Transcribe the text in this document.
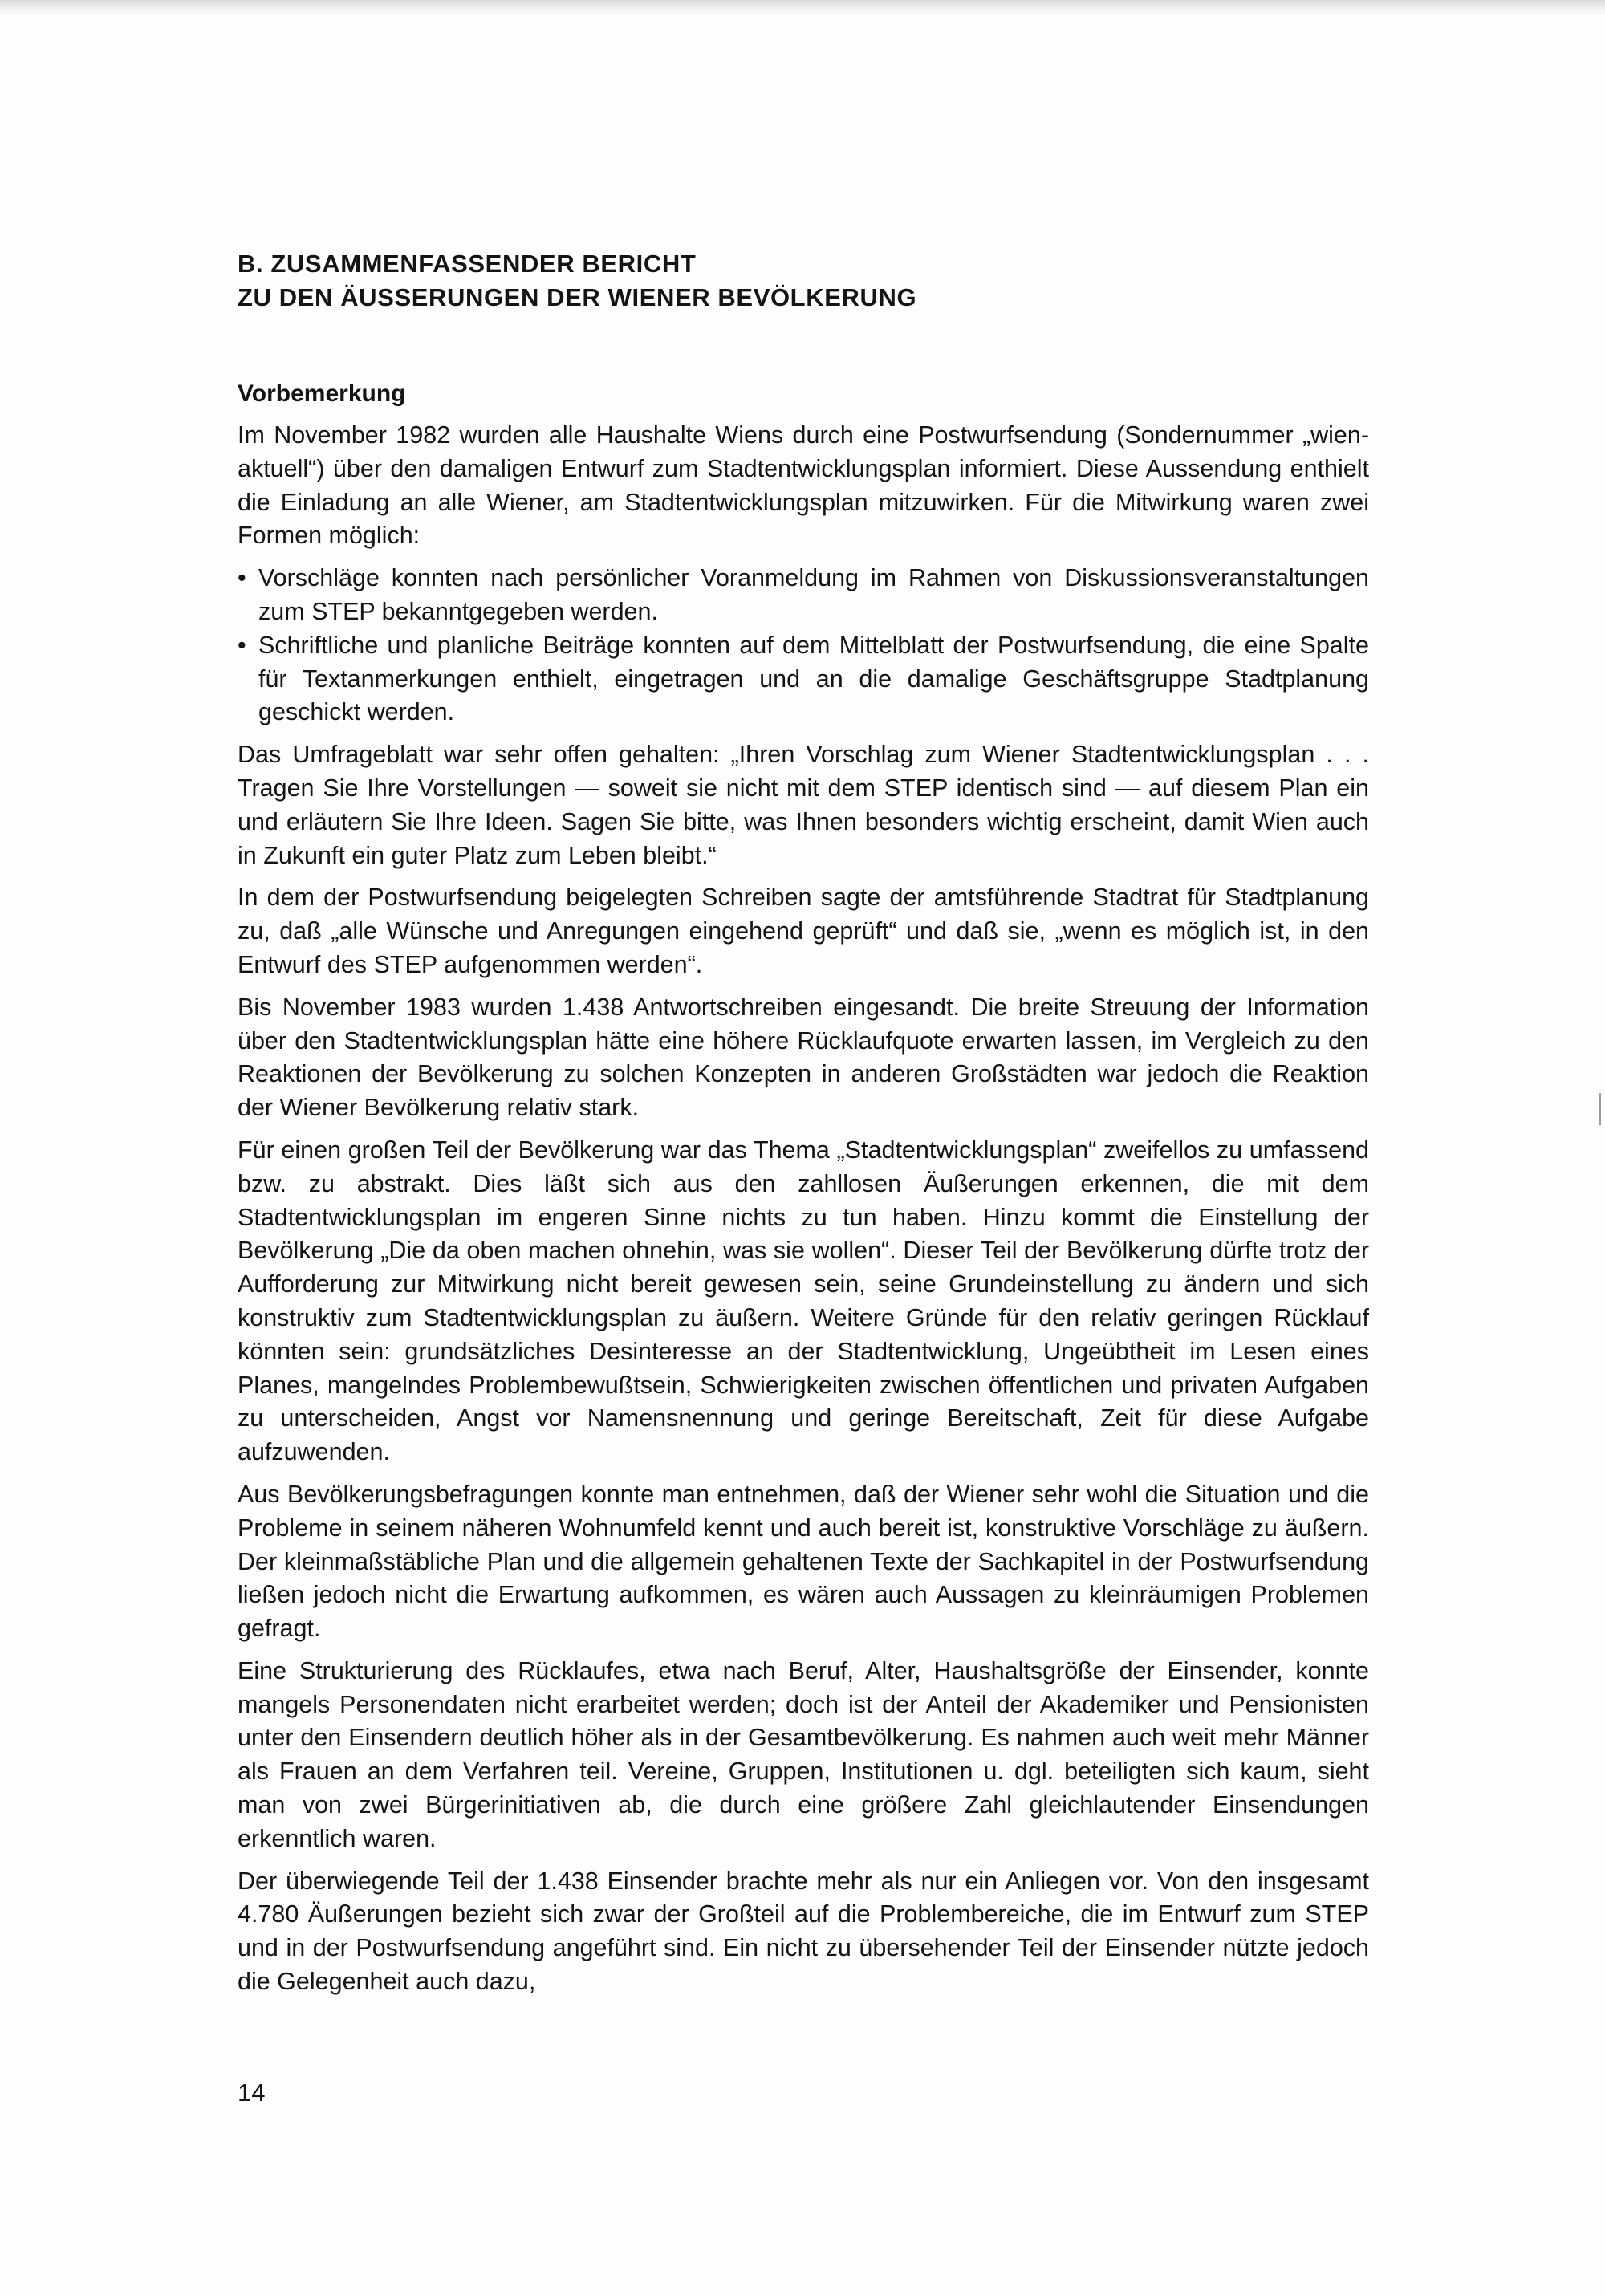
B. ZUSAMMENFASSENDER BERICHT
ZU DEN ÄUSSERUNGEN DER WIENER BEVÖLKERUNG
Vorbemerkung

Im November 1982 wurden alle Haushalte Wiens durch eine Postwurfsendung (Sondernummer „wien-aktuell“) über den damaligen Entwurf zum Stadtentwicklungsplan informiert. Diese Aussendung enthielt die Einladung an alle Wiener, am Stadtentwicklungsplan mitzuwirken. Für die Mitwirkung waren zwei Formen möglich:

• Vorschläge konnten nach persönlicher Voranmeldung im Rahmen von Diskussionsveranstaltungen zum STEP bekanntgegeben werden.
• Schriftliche und planliche Beiträge konnten auf dem Mittelblatt der Postwurfsendung, die eine Spalte für Textanmerkungen enthielt, eingetragen und an die damalige Geschäftsgruppe Stadtplanung geschickt werden.

Das Umfrageblatt war sehr offen gehalten: „Ihren Vorschlag zum Wiener Stadtentwicklungsplan . . . Tragen Sie Ihre Vorstellungen — soweit sie nicht mit dem STEP identisch sind — auf diesem Plan ein und erläutern Sie Ihre Ideen. Sagen Sie bitte, was Ihnen besonders wichtig erscheint, damit Wien auch in Zukunft ein guter Platz zum Leben bleibt.“

In dem der Postwurfsendung beigelegten Schreiben sagte der amtsführende Stadtrat für Stadtplanung zu, daß „alle Wünsche und Anregungen eingehend geprüft“ und daß sie, „wenn es möglich ist, in den Entwurf des STEP aufgenommen werden“.

Bis November 1983 wurden 1.438 Antwortschreiben eingesandt. Die breite Streuung der Information über den Stadtentwicklungsplan hätte eine höhere Rücklaufquote erwarten lassen, im Vergleich zu den Reaktionen der Bevölkerung zu solchen Konzepten in anderen Großstädten war jedoch die Reaktion der Wiener Bevölkerung relativ stark.

Für einen großen Teil der Bevölkerung war das Thema „Stadtentwicklungsplan“ zweifellos zu umfassend bzw. zu abstrakt. Dies läßt sich aus den zahllosen Äußerungen erkennen, die mit dem Stadtentwicklungsplan im engeren Sinne nichts zu tun haben. Hinzu kommt die Einstellung der Bevölkerung „Die da oben machen ohnehin, was sie wollen“. Dieser Teil der Bevölkerung dürfte trotz der Aufforderung zur Mitwirkung nicht bereit gewesen sein, seine Grundeinstellung zu ändern und sich konstruktiv zum Stadtentwicklungsplan zu äußern. Weitere Gründe für den relativ geringen Rücklauf könnten sein: grundsätzliches Desinteresse an der Stadtentwicklung, Ungeübtheit im Lesen eines Planes, mangelndes Problembewußtsein, Schwierigkeiten zwischen öffentlichen und privaten Aufgaben zu unterscheiden, Angst vor Namensnennung und geringe Bereitschaft, Zeit für diese Aufgabe aufzuwenden.

Aus Bevölkerungsbefragungen konnte man entnehmen, daß der Wiener sehr wohl die Situation und die Probleme in seinem näheren Wohnumfeld kennt und auch bereit ist, konstruktive Vorschläge zu äußern. Der kleinmaßstäbliche Plan und die allgemein gehaltenen Texte der Sachkapitel in der Postwurfsendung ließen jedoch nicht die Erwartung aufkommen, es wären auch Aussagen zu kleinräumigen Problemen gefragt.

Eine Strukturierung des Rücklaufes, etwa nach Beruf, Alter, Haushaltsgröße der Einsender, konnte mangels Personendaten nicht erarbeitet werden; doch ist der Anteil der Akademiker und Pensionisten unter den Einsendern deutlich höher als in der Gesamtbevölkerung. Es nahmen auch weit mehr Männer als Frauen an dem Verfahren teil. Vereine, Gruppen, Institutionen u. dgl. beteiligten sich kaum, sieht man von zwei Bürgerinitiativen ab, die durch eine größere Zahl gleichlautender Einsendungen erkenntlich waren.

Der überwiegende Teil der 1.438 Einsender brachte mehr als nur ein Anliegen vor. Von den insgesamt 4.780 Äußerungen bezieht sich zwar der Großteil auf die Problembereiche, die im Entwurf zum STEP und in der Postwurfsendung angeführt sind. Ein nicht zu übersehender Teil der Einsender nützte jedoch die Gelegenheit auch dazu,

14
